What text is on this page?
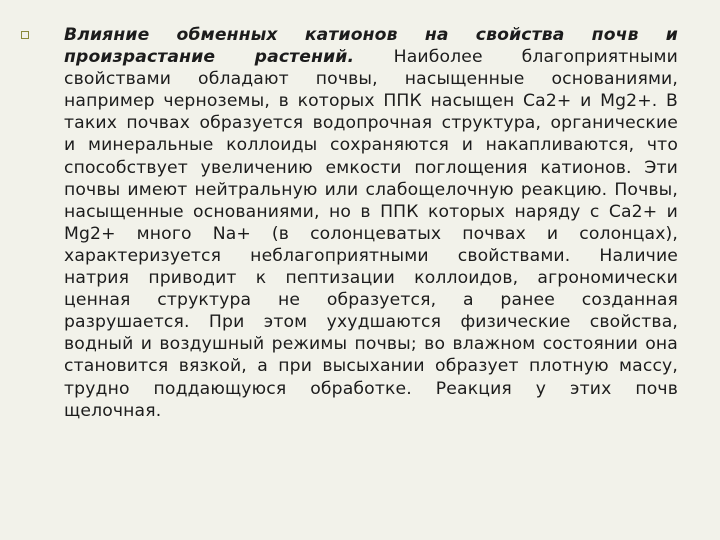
Влияние обменных катионов на свойства почв и произрастание растений. Наиболее благоприятными свойствами обладают почвы, насыщенные основаниями, например черноземы, в которых ППК насыщен Ca2+ и Mg2+. В таких почвах образуется водопрочная структура, органические и минеральные коллоиды сохраняются и накапливаются, что способствует увеличению емкости поглощения катионов. Эти почвы имеют нейтральную или слабощелочную реакцию. Почвы, насыщенные основаниями, но в ППК которых наряду с Ca2+ и Mg2+ много Na+ (в солонцеватых почвах и солонцах), характеризуется неблагоприятными свойствами. Наличие натрия приводит к пептизации коллоидов, агрономически ценная структура не образуется, а ранее созданная разрушается. При этом ухудшаются физические свойства, водный и воздушный режимы почвы; во влажном состоянии она становится вязкой, а при высыхании образует плотную массу, трудно поддающуюся обработке. Реакция у этих почв щелочная.
